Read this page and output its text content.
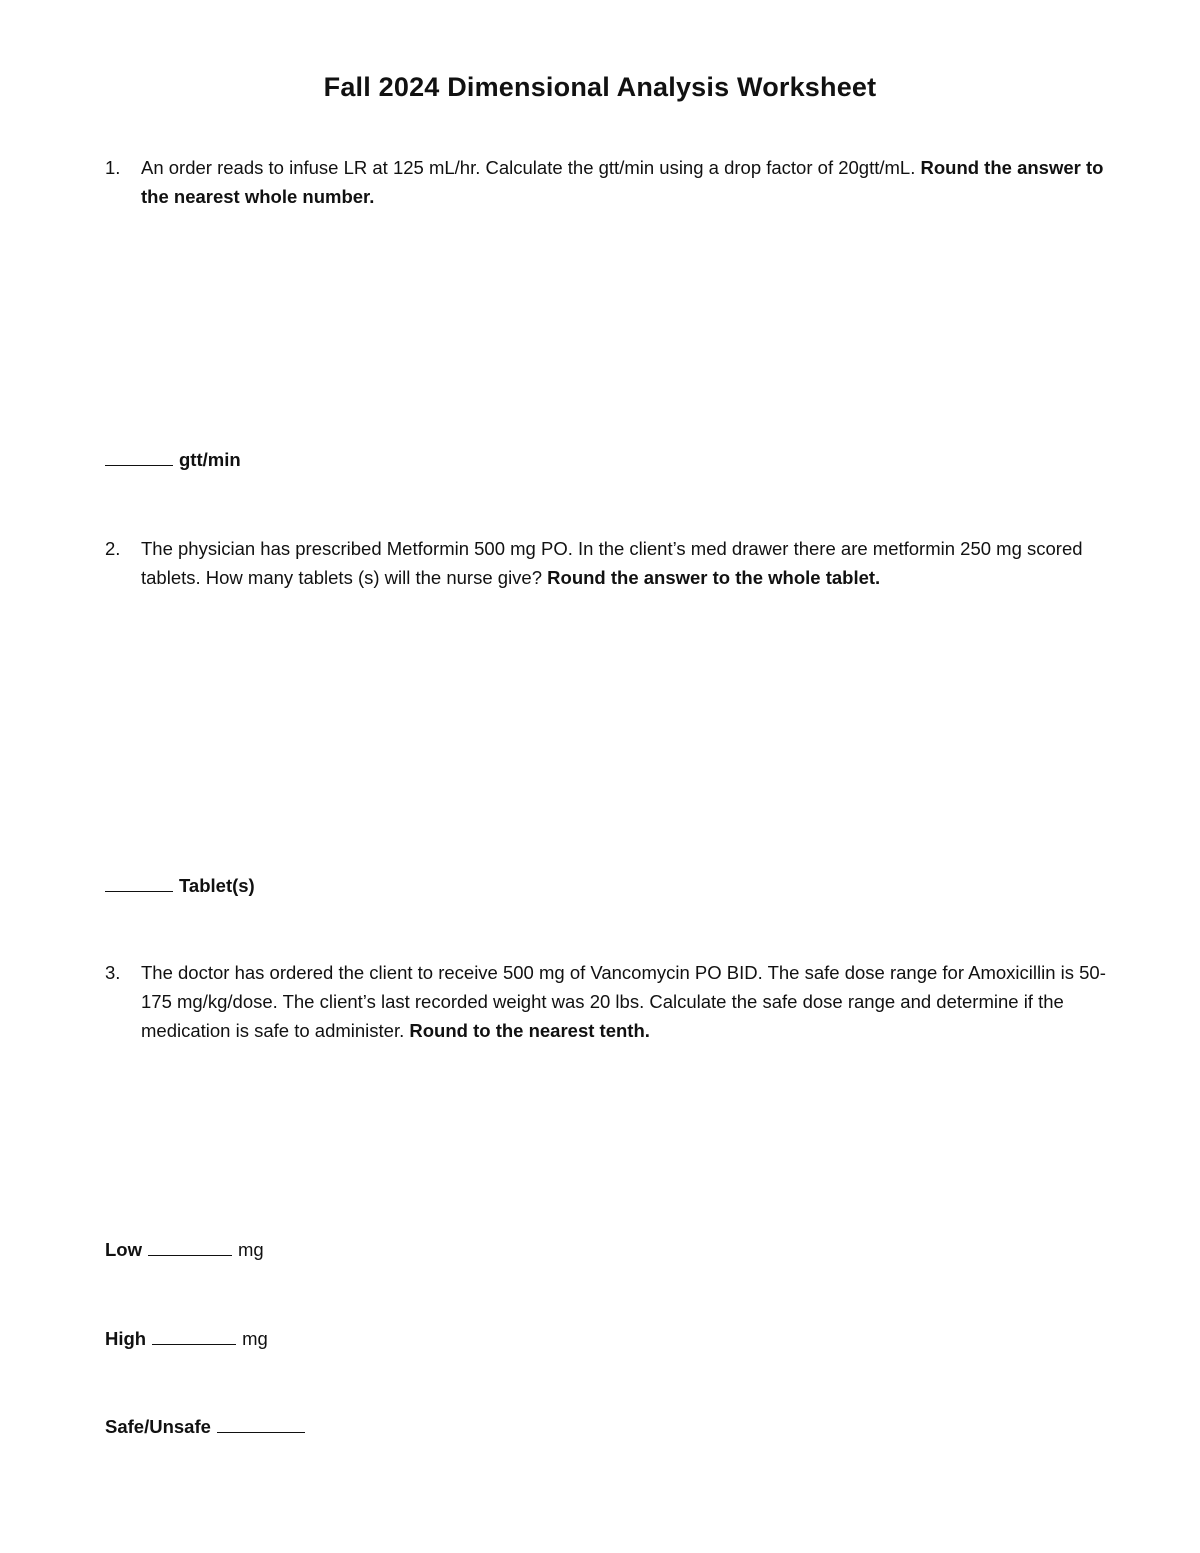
Fall 2024 Dimensional Analysis Worksheet
1.	An order reads to infuse LR at 125 mL/hr. Calculate the gtt/min using a drop factor of 20gtt/mL. Round the answer to the nearest whole number.
gtt/min
2.	The physician has prescribed Metformin 500 mg PO. In the client’s med drawer there are metformin 250 mg scored tablets. How many tablets (s) will the nurse give? Round the answer to the whole tablet.
Tablet(s)
3.	The doctor has ordered the client to receive 500 mg of Vancomycin PO BID. The safe dose range for Amoxicillin is 50-175 mg/kg/dose. The client’s last recorded weight was 20 lbs. Calculate the safe dose range and determine if the medication is safe to administer. Round to the nearest tenth.
Low	mg
High	mg
Safe/Unsafe
